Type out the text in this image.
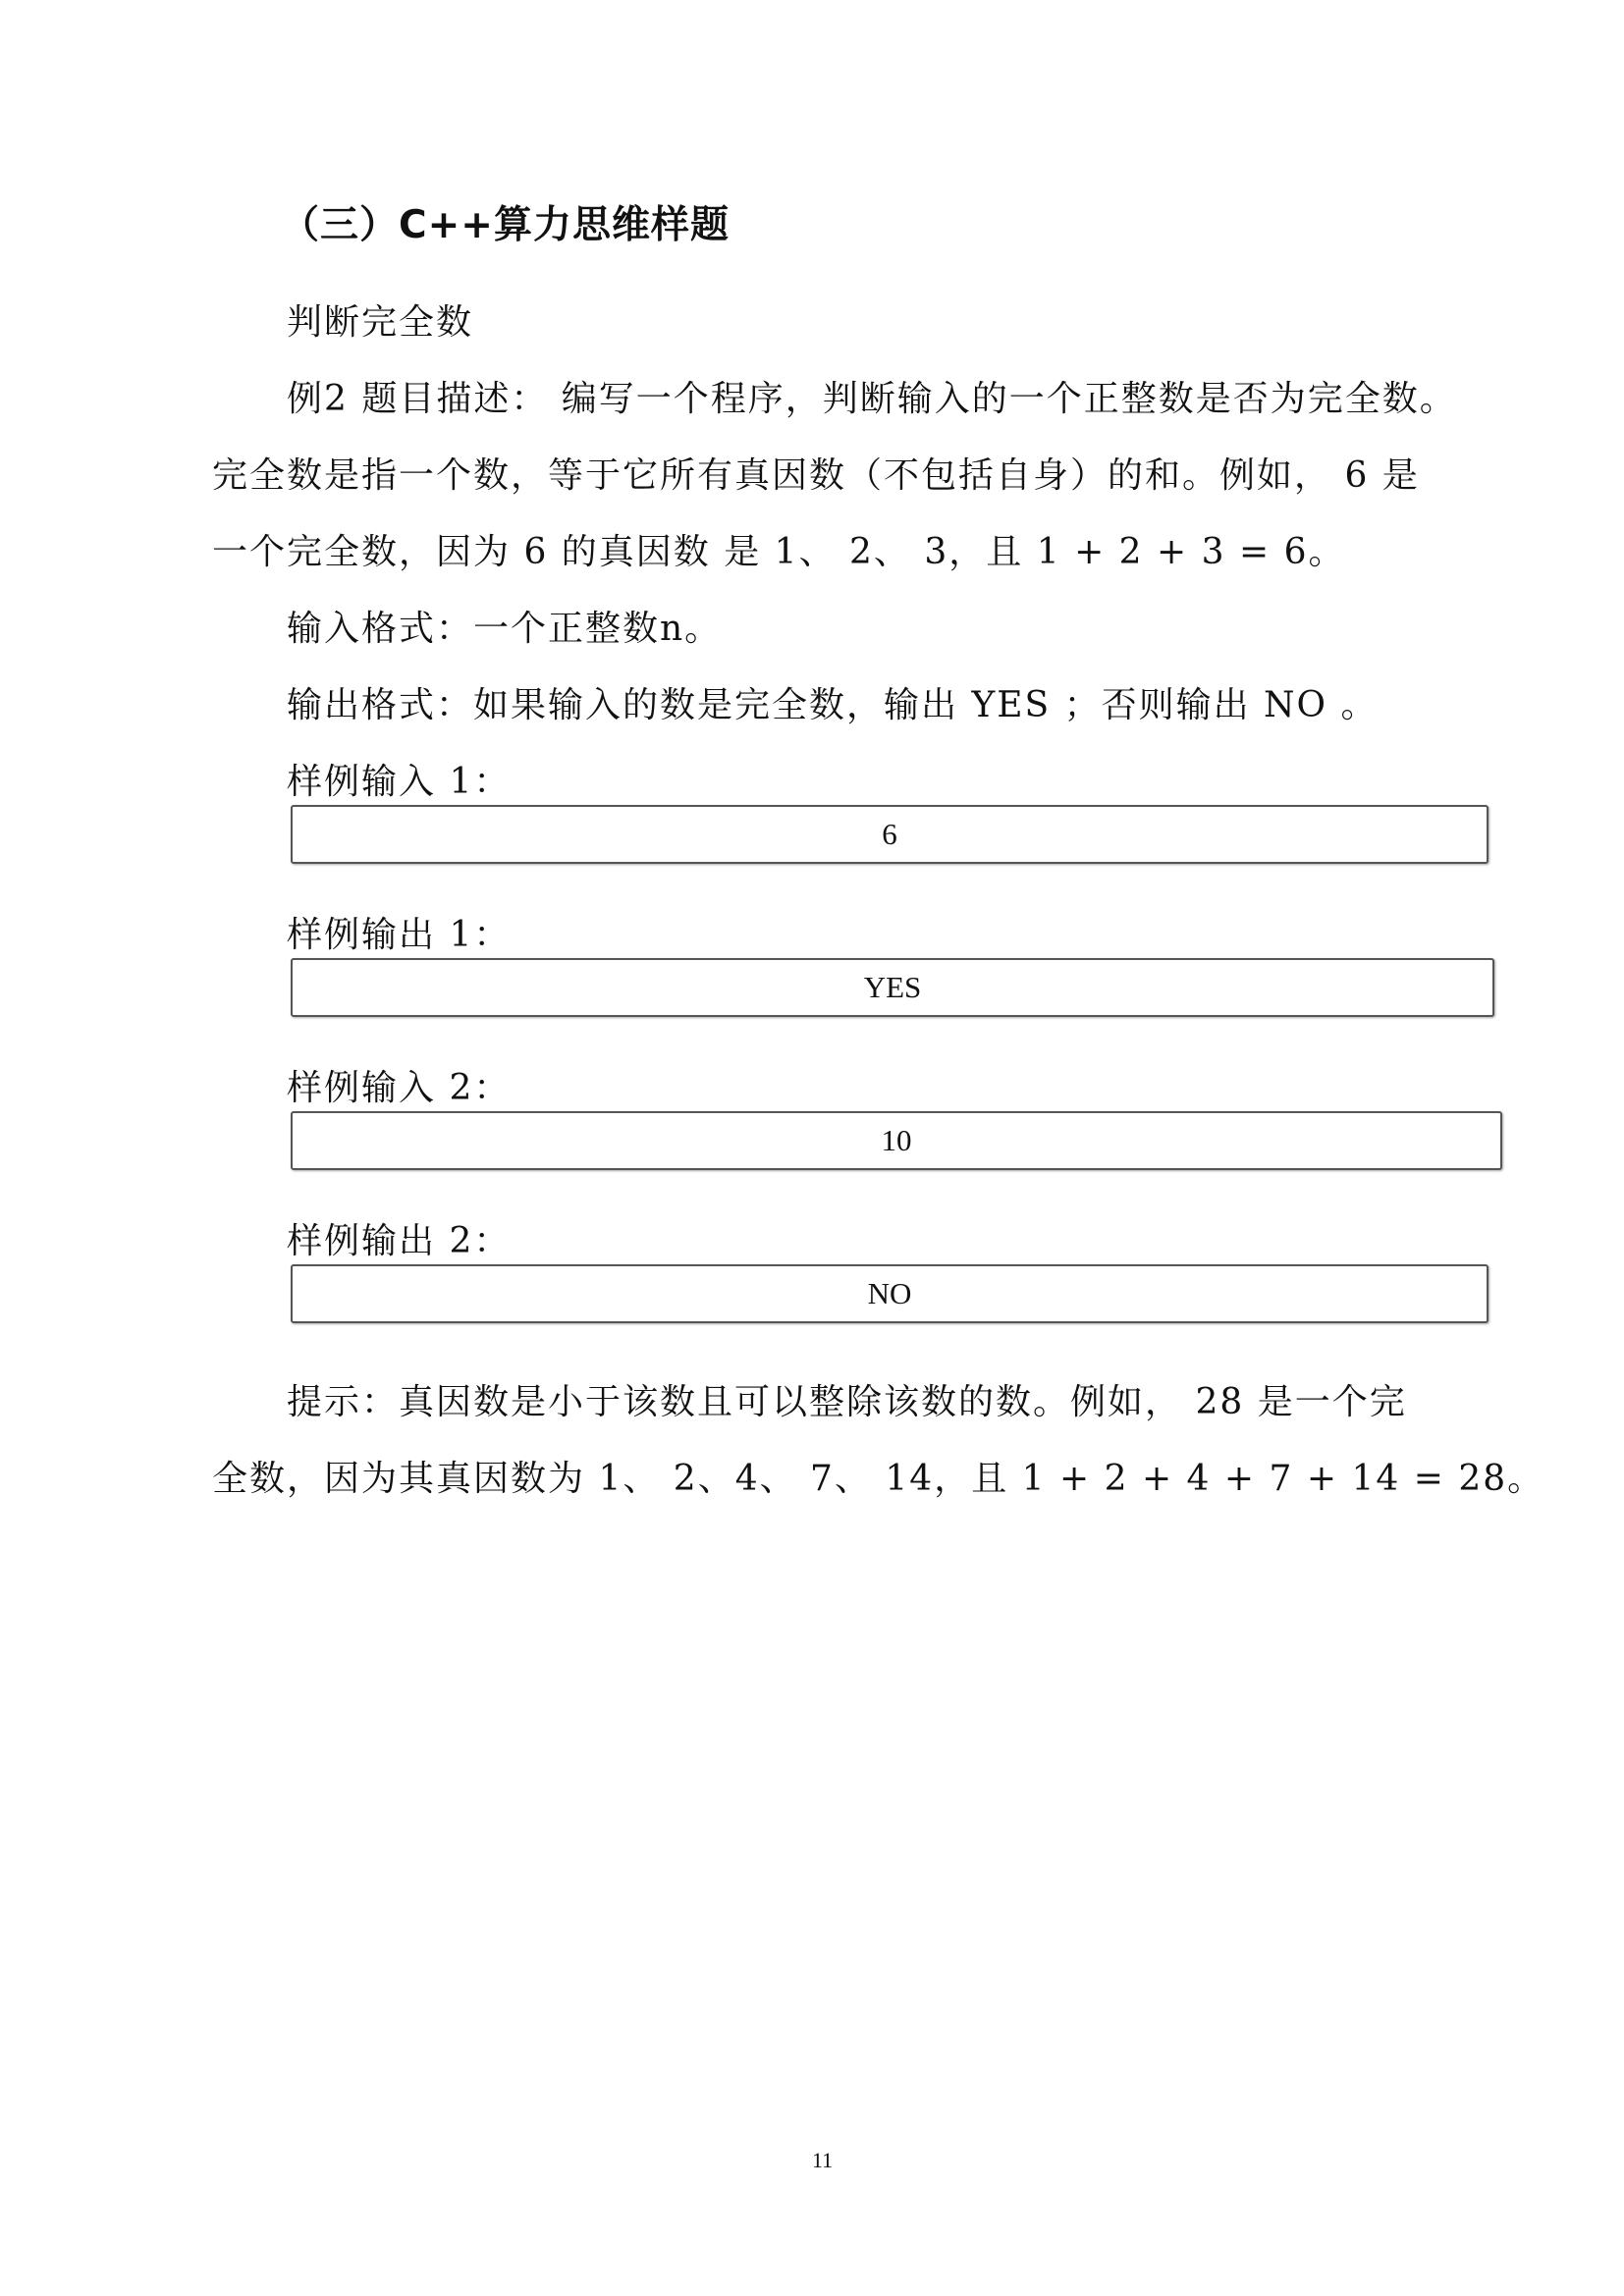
（三）C++算力思维样题
判断完全数
例2 题目描述： 编写一个程序，判断输入的一个正整数是否为完全数。
完全数是指一个数，等于它所有真因数（不包括自身）的和。例如， 6 是
一个完全数，因为 6 的真因数 是 1、 2、 3，且 1 + 2 + 3 = 6。
输入格式：一个正整数n。
输出格式：如果输入的数是完全数，输出 YES ；否则输出 NO 。
样例输入 1：
6
样例输出 1：
YES
样例输入 2：
10
样例输出 2：
NO
提示：真因数是小于该数且可以整除该数的数。例如， 28 是一个完
全数，因为其真因数为 1、 2、4、 7、 14，且 1 + 2 + 4 + 7 + 14 = 28。
11
